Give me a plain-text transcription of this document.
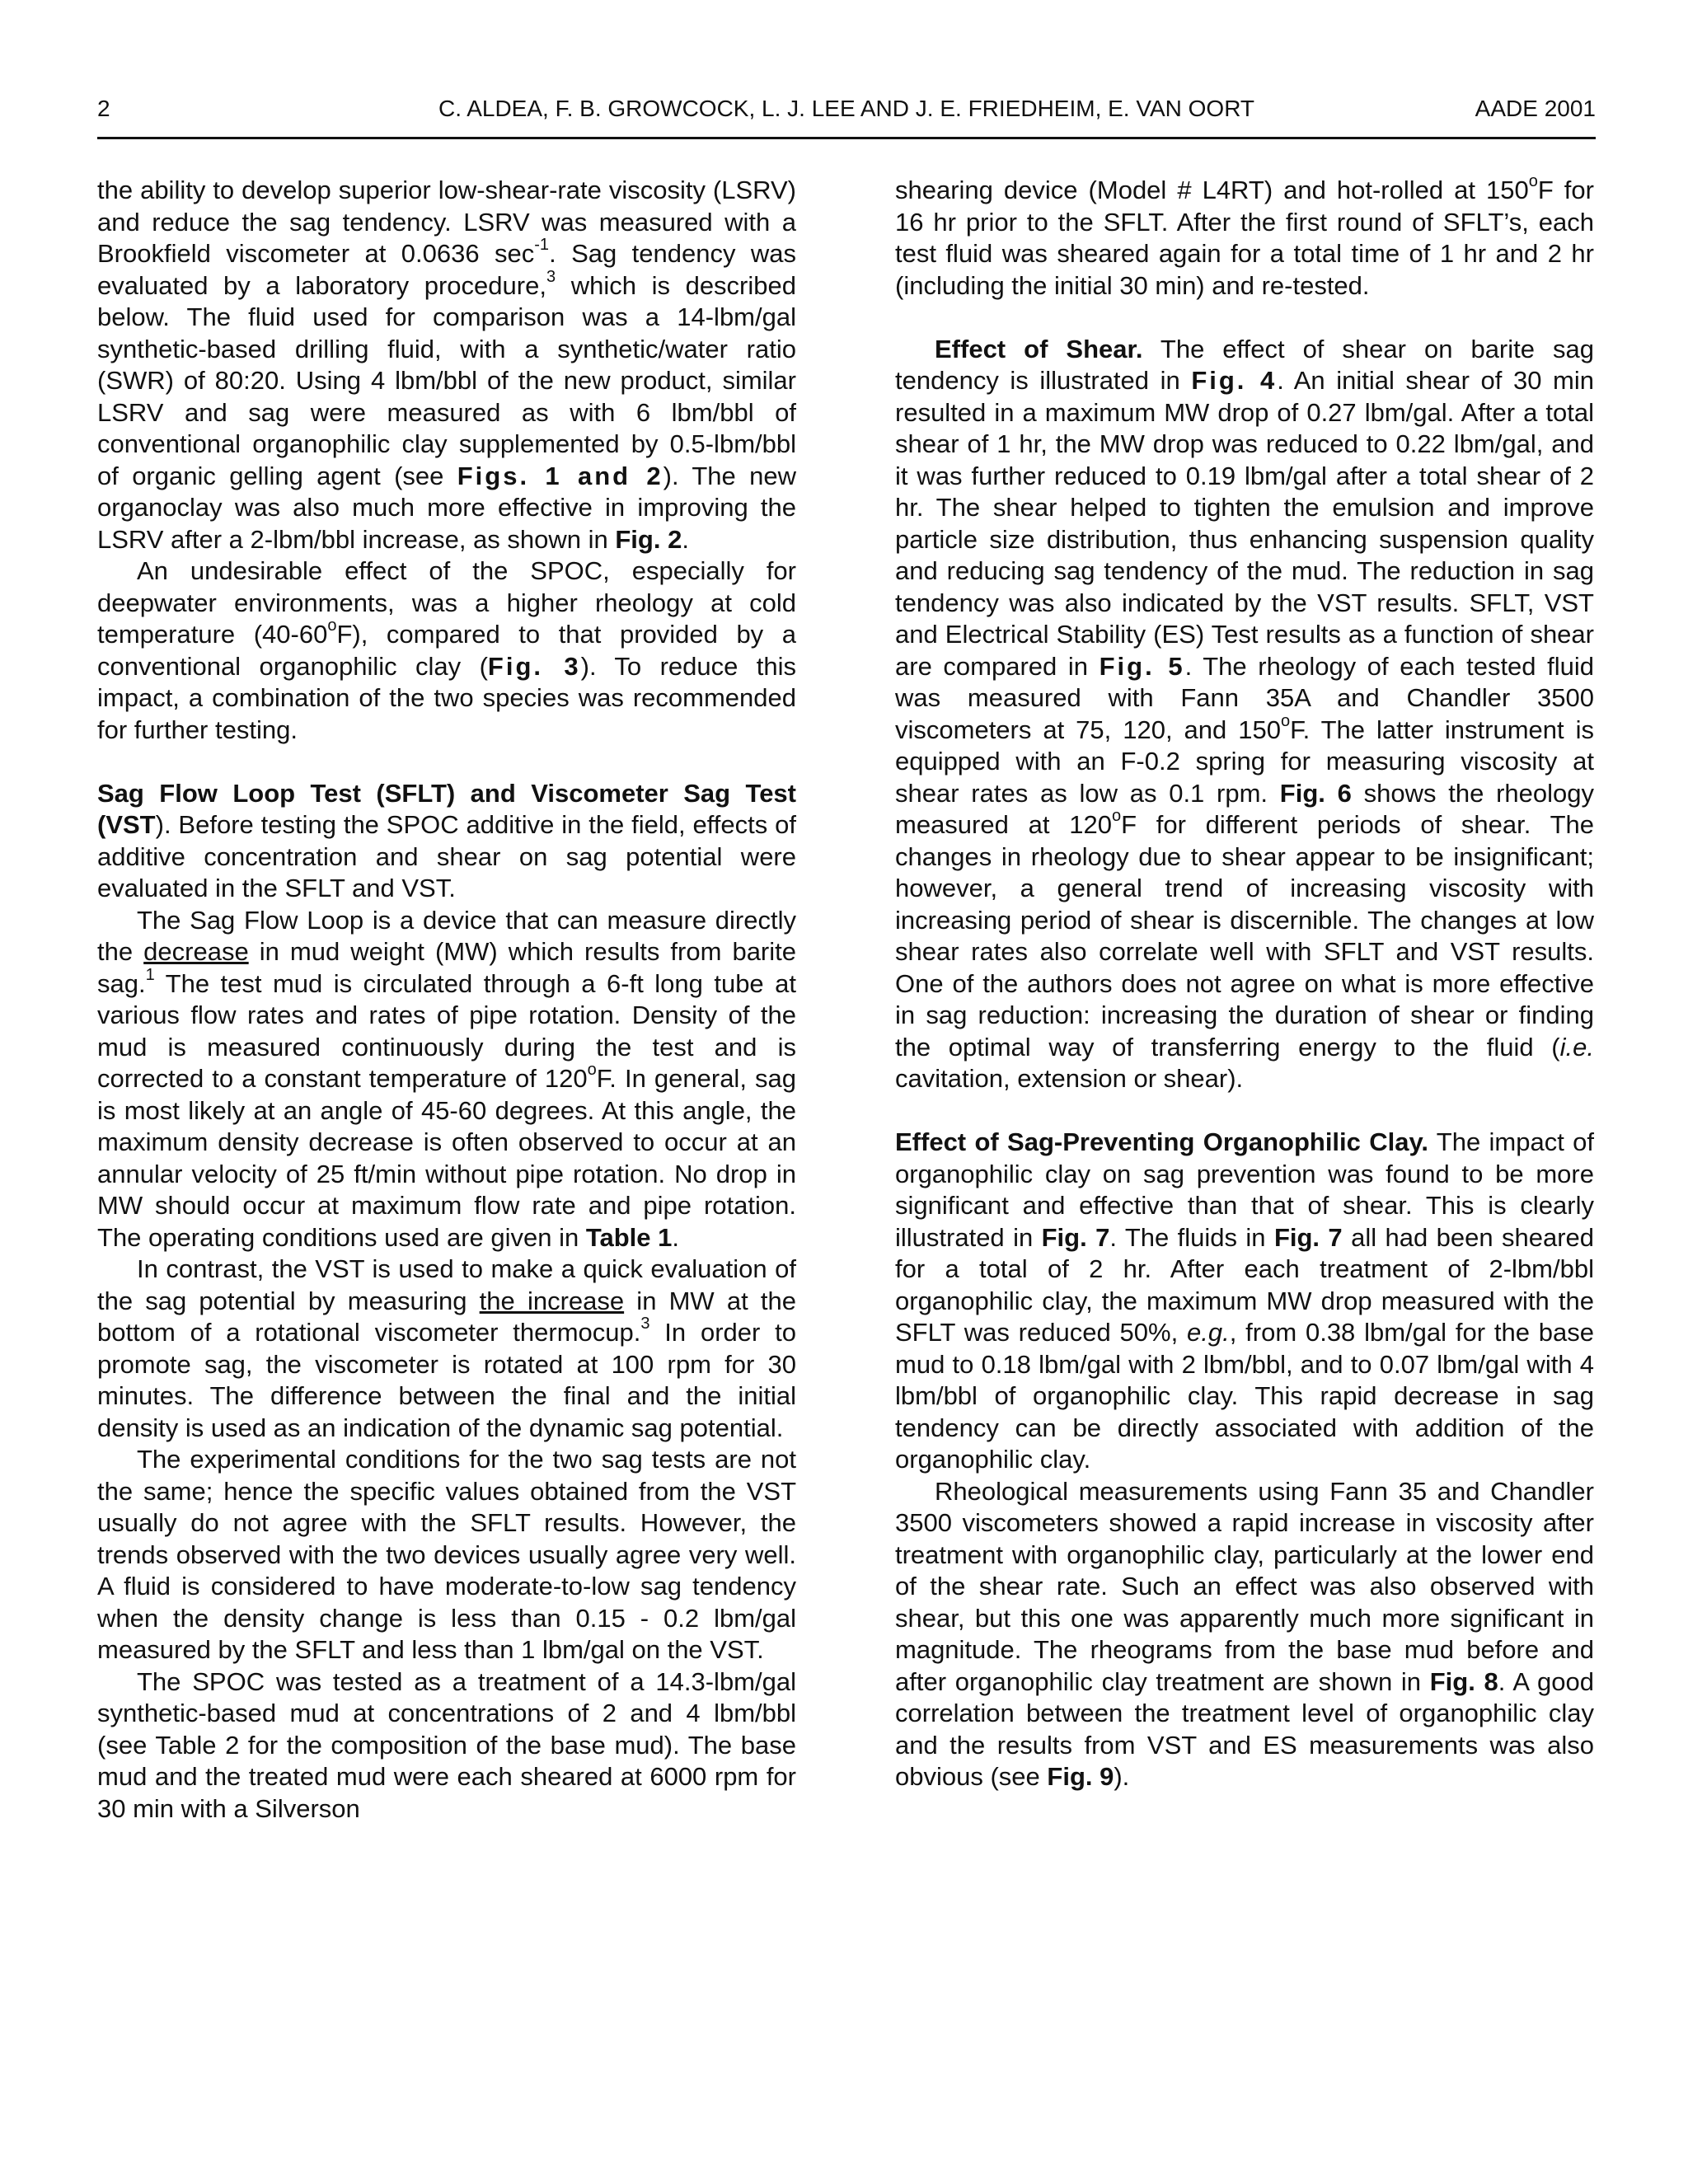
2	C. ALDEA, F. B. GROWCOCK, L. J. LEE AND J. E. FRIEDHEIM, E. VAN OORT	AADE 2001

the ability to develop superior low-shear-rate viscosity (LSRV) and reduce the sag tendency. LSRV was measured with a Brookfield viscometer at 0.0636 $\sec^{-1}$. Sag tendency was evaluated by a laboratory procedure,$^3$ which is described below. The fluid used for comparison was a 14-lbm/gal synthetic-based drilling fluid, with a synthetic/water ratio (SWR) of 80:20. Using 4 lbm/bbl of the new product, similar LSRV and sag were measured as with 6 lbm/bbl of conventional organophilic clay supplemented by 0.5-lbm/bbl of organic gelling agent (see Figs. 1 and 2). The new organoclay was also much more effective in improving the LSRV after a 2-lbm/bbl increase, as shown in Fig. 2.

An undesirable effect of the SPOC, especially for deepwater environments, was a higher rheology at cold temperature (40-60$^o$F), compared to that provided by a conventional organophilic clay (Fig. 3). To reduce this impact, a combination of the two species was recommended for further testing.

Sag Flow Loop Test (SFLT) and Viscometer Sag Test (VST). Before testing the SPOC additive in the field, effects of additive concentration and shear on sag potential were evaluated in the SFLT and VST.

The Sag Flow Loop is a device that can measure directly the decrease in mud weight (MW) which results from barite sag.$^1$ The test mud is circulated through a 6-ft long tube at various flow rates and rates of pipe rotation. Density of the mud is measured continuously during the test and is corrected to a constant temperature of 120$^o$F. In general, sag is most likely at an angle of 45-60 degrees. At this angle, the maximum density decrease is often observed to occur at an annular velocity of 25 ft/min without pipe rotation. No drop in MW should occur at maximum flow rate and pipe rotation. The operating conditions used are given in Table 1.

In contrast, the VST is used to make a quick evaluation of the sag potential by measuring the increase in MW at the bottom of a rotational viscometer thermocup.$^3$ In order to promote sag, the viscometer is rotated at 100 rpm for 30 minutes. The difference between the final and the initial density is used as an indication of the dynamic sag potential.

The experimental conditions for the two sag tests are not the same; hence the specific values obtained from the VST usually do not agree with the SFLT results. However, the trends observed with the two devices usually agree very well. A fluid is considered to have moderate-to-low sag tendency when the density change is less than 0.15 - 0.2 lbm/gal measured by the SFLT and less than 1 lbm/gal on the VST.

The SPOC was tested as a treatment of a 14.3-lbm/gal synthetic-based mud at concentrations of 2 and 4 lbm/bbl (see Table 2 for the composition of the base mud). The base mud and the treated mud were each sheared at 6000 rpm for 30 min with a Silverson

shearing device (Model # L4RT) and hot-rolled at 150$^o$F for 16 hr prior to the SFLT. After the first round of SFLT’s, each test fluid was sheared again for a total time of 1 hr and 2 hr (including the initial 30 min) and re-tested.

Effect of Shear. The effect of shear on barite sag tendency is illustrated in Fig. 4. An initial shear of 30 min resulted in a maximum MW drop of 0.27 lbm/gal. After a total shear of 1 hr, the MW drop was reduced to 0.22 lbm/gal, and it was further reduced to 0.19 lbm/gal after a total shear of 2 hr. The shear helped to tighten the emulsion and improve particle size distribution, thus enhancing suspension quality and reducing sag tendency of the mud. The reduction in sag tendency was also indicated by the VST results. SFLT, VST and Electrical Stability (ES) Test results as a function of shear are compared in Fig. 5. The rheology of each tested fluid was measured with Fann 35A and Chandler 3500 viscometers at 75, 120, and 150$^o$F. The latter instrument is equipped with an F-0.2 spring for measuring viscosity at shear rates as low as 0.1 rpm. Fig. 6 shows the rheology measured at 120$^o$F for different periods of shear. The changes in rheology due to shear appear to be insignificant; however, a general trend of increasing viscosity with increasing period of shear is discernible. The changes at low shear rates also correlate well with SFLT and VST results. One of the authors does not agree on what is more effective in sag reduction: increasing the duration of shear or finding the optimal way of transferring energy to the fluid (i.e. cavitation, extension or shear).

Effect of Sag-Preventing Organophilic Clay. The impact of organophilic clay on sag prevention was found to be more significant and effective than that of shear. This is clearly illustrated in Fig. 7. The fluids in Fig. 7 all had been sheared for a total of 2 hr. After each treatment of 2-lbm/bbl organophilic clay, the maximum MW drop measured with the SFLT was reduced 50%, e.g., from 0.38 lbm/gal for the base mud to 0.18 lbm/gal with 2 lbm/bbl, and to 0.07 lbm/gal with 4 lbm/bbl of organophilic clay. This rapid decrease in sag tendency can be directly associated with addition of the organophilic clay.

Rheological measurements using Fann 35 and Chandler 3500 viscometers showed a rapid increase in viscosity after treatment with organophilic clay, particularly at the lower end of the shear rate. Such an effect was also observed with shear, but this one was apparently much more significant in magnitude. The rheograms from the base mud before and after organophilic clay treatment are shown in Fig. 8. A good correlation between the treatment level of organophilic clay and the results from VST and ES measurements was also obvious (see Fig. 9).
